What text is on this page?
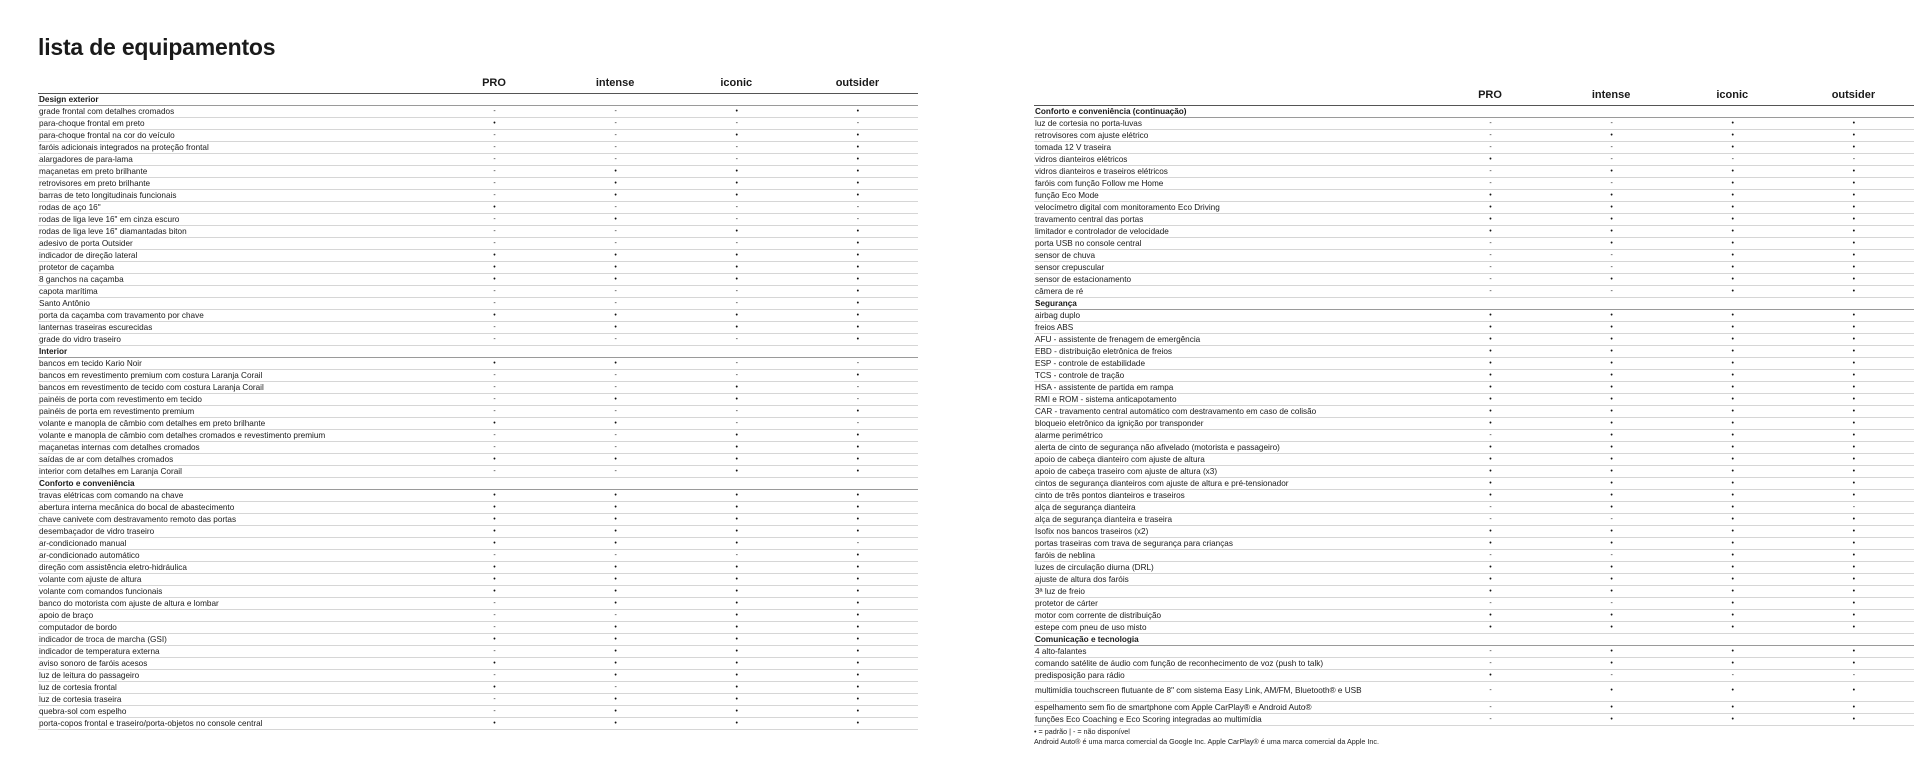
lista de equipamentos
	PRO	intense	iconic	outsider
Design exterior				
grade frontal com detalhes cromados	-	-	•	•
para-choque frontal em preto	•	-	-	-
para-choque frontal na cor do veículo	-	-	•	•
faróis adicionais integrados na proteção frontal	-	-	-	•
alargadores de para-lama	-	-	-	•
maçanetas em preto brilhante	-	•	•	•
retrovisores em preto brilhante	-	•	•	•
barras de teto longitudinais funcionais	-	•	•	•
rodas de aço 16"	•	-	-	-
rodas de liga leve 16" em cinza escuro	-	•	-	-
rodas de liga leve 16" diamantadas biton	-	-	•	•
adesivo de porta Outsider	-	-	-	•
indicador de direção lateral	•	•	•	•
protetor de caçamba	•	•	•	•
8 ganchos na caçamba	•	•	•	•
capota marítima	-	-	-	•
Santo Antônio	-	-	-	•
porta da caçamba com travamento por chave	•	•	•	•
lanternas traseiras escurecidas	-	•	•	•
grade do vidro traseiro	-	-	-	•
Interior				
bancos em tecido Kario Noir	•	•	-	-
bancos em revestimento premium com costura Laranja Corail	-	-	-	•
bancos em revestimento de tecido com costura Laranja Corail	-	-	•	-
painéis de porta com revestimento em tecido	-	•	•	-
painéis de porta em revestimento premium	-	-	-	•
volante e manopla de câmbio com detalhes em preto brilhante	•	•	-	-
volante e manopla de câmbio com detalhes cromados e revestimento premium	-	-	•	•
maçanetas internas com detalhes cromados	-	-	•	•
saídas de ar com detalhes cromados	•	•	•	•
interior com detalhes em Laranja Corail	-	-	•	•
Conforto e conveniência				
travas elétricas com comando na chave	•	•	•	•
abertura interna mecânica do bocal de abastecimento	•	•	•	•
chave canivete com destravamento remoto das portas	•	•	•	•
desembaçador de vidro traseiro	•	•	•	•
ar-condicionado manual	•	•	•	-
ar-condicionado automático	-	-	-	•
direção com assistência eletro-hidráulica	•	•	•	•
volante com ajuste de altura	•	•	•	•
volante com comandos funcionais	•	•	•	•
banco do motorista com ajuste de altura e lombar	-	•	•	•
apoio de braço	-	-	•	•
computador de bordo	-	•	•	•
indicador de troca de marcha (GSI)	•	•	•	•
indicador de temperatura externa	-	•	•	•
aviso sonoro de faróis acesos	•	•	•	•
luz de leitura do passageiro	-	•	•	•
luz de cortesia frontal	•	-	•	•
luz de cortesia traseira	-	•	•	•
quebra-sol com espelho	-	•	•	•
porta-copos frontal e traseiro/porta-objetos no console central	•	•	•	•
	PRO	intense	iconic	outsider
Conforto e conveniência (continuação)				
luz de cortesia no porta-luvas	-	-	•	•
retrovisores com ajuste elétrico	-	•	•	•
tomada 12 V traseira	-	-	•	•
vidros dianteiros elétricos	•	-	-	-
vidros dianteiros e traseiros elétricos	-	•	•	•
faróis com função Follow me Home	-	-	•	•
função Eco Mode	•	•	•	•
velocímetro digital com monitoramento Eco Driving	•	•	•	•
travamento central das portas	•	•	•	•
limitador e controlador de velocidade	•	•	•	•
porta USB no console central	-	•	•	•
sensor de chuva	-	-	•	•
sensor crepuscular	-	-	•	•
sensor de estacionamento	-	•	•	•
câmera de ré	-	-	•	•
Segurança				
airbag duplo	•	•	•	•
freios ABS	•	•	•	•
AFU - assistente de frenagem de emergência	•	•	•	•
EBD - distribuição eletrônica de freios	•	•	•	•
ESP - controle de estabilidade	•	•	•	•
TCS - controle de tração	•	•	•	•
HSA - assistente de partida em rampa	•	•	•	•
RMI e ROM - sistema anticapotamento	•	•	•	•
CAR - travamento central automático com destravamento em caso de colisão	•	•	•	•
bloqueio eletrônico da ignição por transponder	•	•	•	•
alarme perimétrico	-	•	•	•
alerta de cinto de segurança não afivelado (motorista e passageiro)	•	•	•	•
apoio de cabeça dianteiro com ajuste de altura	•	•	•	•
apoio de cabeça traseiro com ajuste de altura (x3)	•	•	•	•
cintos de segurança dianteiros com ajuste de altura e pré-tensionador	•	•	•	•
cinto de três pontos dianteiros e traseiros	•	•	•	•
alça de segurança dianteira	-	•	•	-
alça de segurança dianteira e traseira	-	-	•	•
Isofix nos bancos traseiros (x2)	•	•	•	•
portas traseiras com trava de segurança para crianças	•	•	•	•
faróis de neblina	-	-	•	•
luzes de circulação diurna (DRL)	•	•	•	•
ajuste de altura dos faróis	•	•	•	•
3ª luz de freio	•	•	•	•
protetor de cárter	-	-	•	•
motor com corrente de distribuição	•	•	•	•
estepe com pneu de uso misto	•	•	•	•
Comunicação e tecnologia				
4 alto-falantes	-	•	•	•
comando satélite de áudio com função de reconhecimento de voz (push to talk)	-	•	•	•
predisposição para rádio	•	-	-	-
multimídia touchscreen flutuante de 8" com sistema Easy Link, AM/FM, Bluetooth® e USB	-	•	•	•
espelhamento sem fio de smartphone com Apple CarPlay® e Android Auto®	-	•	•	•
funções Eco Coaching e Eco Scoring integradas ao multimídia	-	•	•	•
• = padrão | - = não disponível
Android Auto® é uma marca comercial da Google Inc. Apple CarPlay® é uma marca comercial da Apple Inc.
